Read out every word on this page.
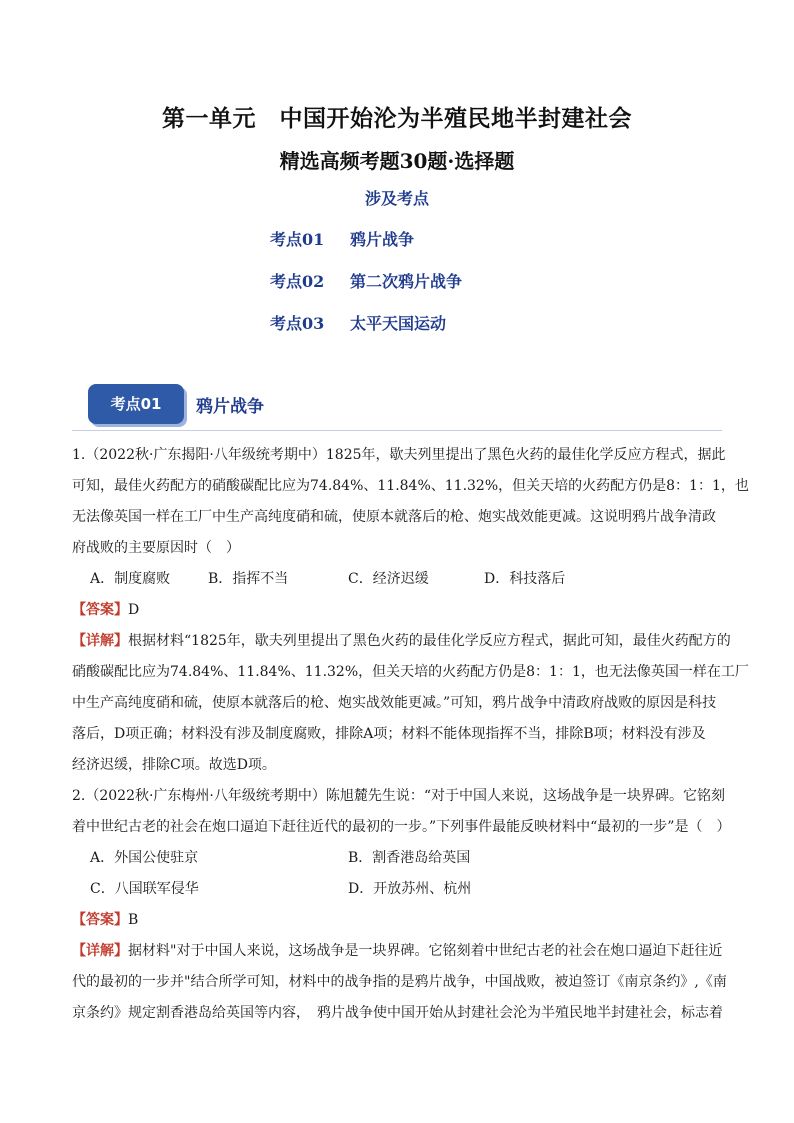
第一单元　中国开始沦为半殖民地半封建社会
精选高频考题30题·选择题
涉及考点
考点01 鸦片战争
考点02 第二次鸦片战争
考点03 太平天国运动
考点01	鸦片战争

1.（2022秋·广东揭阳·八年级统考期中）1825年，歇夫列里提出了黑色火药的最佳化学反应方程式，据此

可知，最佳火药配方的硝酸碳配比应为74.84%、11.84%、11.32%，但关天培的火药配方仍是8：1：1，也

无法像英国一样在工厂中生产高纯度硝和硫，使原本就落后的枪、炮实战效能更减。这说明鸦片战争清政

府战败的主要原因时（　）

A．制度腐败	B．指挥不当	C．经济迟缓	D．科技落后

【答案】D

【详解】根据材料“1825年，歇夫列里提出了黑色火药的最佳化学反应方程式，据此可知，最佳火药配方的

硝酸碳配比应为74.84%、11.84%、11.32%，但关天培的火药配方仍是8：1：1，也无法像英国一样在工厂

中生产高纯度硝和硫，使原本就落后的枪、炮实战效能更减。”可知，鸦片战争中清政府战败的原因是科技

落后，D项正确；材料没有涉及制度腐败，排除A项；材料不能体现指挥不当，排除B项；材料没有涉及

经济迟缓，排除C项。故选D项。

2.（2022秋·广东梅州·八年级统考期中）陈旭麓先生说：“对于中国人来说，这场战争是一块界碑。它铭刻

着中世纪古老的社会在炮口逼迫下赶往近代的最初的一步。”下列事件最能反映材料中“最初的一步”是（　）

A．外国公使驻京	B．割香港岛给英国
C．八国联军侵华	D．开放苏州、杭州

【答案】B

【详解】据材料"对于中国人来说，这场战争是一块界碑。它铭刻着中世纪古老的社会在炮口逼迫下赶往近

代的最初的一步并"结合所学可知，材料中的战争指的是鸦片战争，中国战败，被迫签订《南京条约》,《南

京条约》规定割香港岛给英国等内容，　鸦片战争使中国开始从封建社会沦为半殖民地半封建社会，标志着
